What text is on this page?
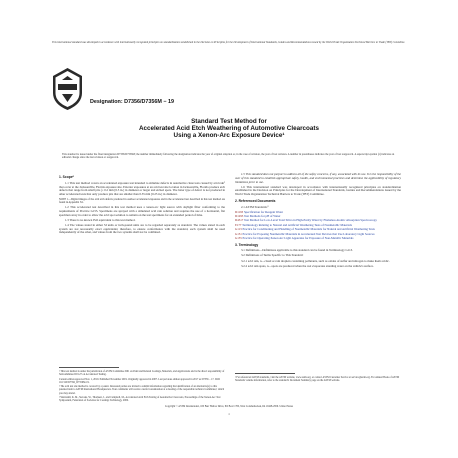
This international standard was developed in accordance with internationally recognized principles on standardization established in the Decision on Principles for the Development of International Standards, Guides and Recommendations issued by the World Trade Organization Technical Barriers to Trade (TBT) Committee.
Designation: D7356/D7356M − 19
Standard Test Method for
Accelerated Acid Etch Weathering of Automotive Clearcoats
Using a Xenon-Arc Exposure Device¹
This standard is issued under the fixed designation D7356/D7356M; the number immediately following the designation indicates the year of original adoption or, in the case of revision, the year of last revision. A number in parentheses indicates the year of last reapproval. A superscript epsilon (ε) indicates an editorial change since the last revision or reapproval.

1. Scope*

1.1 This test method covers an accelerated exposure test intended to simulate defects in automotive clearcoats caused by acid rain² that occur at the Jacksonville, Florida exposure site. Exterior exposures at an acid test site location in Jacksonville, Florida produce etch defects that range from small pits (≤ 0.2 mm [0.5 in.] in diameter or larger and etched spots. The latter type of defect is not produced in other accelerated tests that only produce pits that are smaller than 0.35 mm [0.25 in.] in diameter.

NOTE 1—Digital images of the acid etch defects produced in outdoor accelerated exposures and in the accelerated test described in this test method are found in Appendix X1.

1.2 This accelerated test described in this test method uses a xenon-arc light source with daylight filter conforming to the requirements of Practice G155. Specimens are sprayed with a simulated acid rain solution and requires the use of a horizontal, flat specimen array in order to allow the acid spot solution to remain on the test specimens for an extended period of time.

1.3 There is no known ISO equivalent to this test method.

1.4 The values stated in either SI units or inch-pound units are to be regarded separately as standard. The values stated in each system are not necessarily exact equivalents; therefore, to ensure conformance with the standard, each system shall be used independently of the other, and values from the two systems shall not be combined.

1.5 This standard does not purport to address all of the safety concerns, if any, associated with its use. It is the responsibility of the user of this standard to establish appropriate safety, health, and environmental practices and determine the applicability of regulatory limitations prior to use.

1.6 This international standard was developed in accordance with internationally recognized principles on standardization established in the Decision on Principles for the Development of International Standards, Guides and Recommendations issued by the World Trade Organization Technical Barriers to Trade (TBT) Committee.

2. Referenced Documents

2.1 ASTM Standards:³

D1193 Specification for Reagent Water

D1293 Test Methods for pH of Water

D4517 Test Method for Low-Level Total Silica in High-Purity Water by Flameless Atomic Absorption Spectroscopy

E177 Terminology Relating to Natural and Artificial Weathering Tests of Nonmetallic Materials

G113 Practice for Conditioning and Handling of Nonmetallic Materials for Natural and Artificial Weathering Tests

G151 Practice for Exposing Nonmetallic Materials in Accelerated Test Devices that Use Laboratory Light Sources

G155 Practice for Operating Xenon Arc Light Apparatus for Exposure of Non-Metallic Materials

3. Terminology

3.1 Definitions—Definitions applicable to this standard can be found in Terminology G113.

3.2 Definitions of Terms Specific to This Standard:

3.2.1 acid rain, n—cloud or rain droplets containing pollutants, such as oxides of sulfur and nitrogen to make them acidic.

3.2.2 acid rain spots, n—spots are produced when the wet evaporates standing water on the vehicle's surface.

¹ This test method is under the jurisdiction of ASTM Committee D01 on Paint and Related Coatings, Materials, and Applications and is the direct responsibility of Subcommittee D01.27 on Accelerated Testing.

Current edition approved Nov. 1, 2019. Published November 2019. Originally approved in 2007. Last previous edition approved in 2017 as D7356 – 17. DOI: 10.1520/D7356_D7356M-19.

² The acid test site method is covered by a patent. Interested parties are invited to submit information regarding the identification of an alternative(s) to this patented item to ASTM International Headquarters. Your comments will receive careful consideration at a meeting of the responsible technical committee,¹ which you may attend.

³ Wernstahl, K. M., Stevens, W., Thomsen, J., and Campbell, M., Accelerated Acid Etch Testing of Automotive Clearcoats, Proceedings of the Xenon-Arc Test Symposium, Federation of Societies for Coatings Technology, 2006.

³ For referenced ASTM standards, visit the ASTM website, www.astm.org, or contact ASTM Customer Service at service@astm.org. For Annual Book of ASTM Standards volume information, refer to the standard's Document Summary page on the ASTM website.

Copyright © ASTM International, 100 Barr Harbor Drive, PO Box C700, West Conshohocken, PA 19428-2959. United States
1
